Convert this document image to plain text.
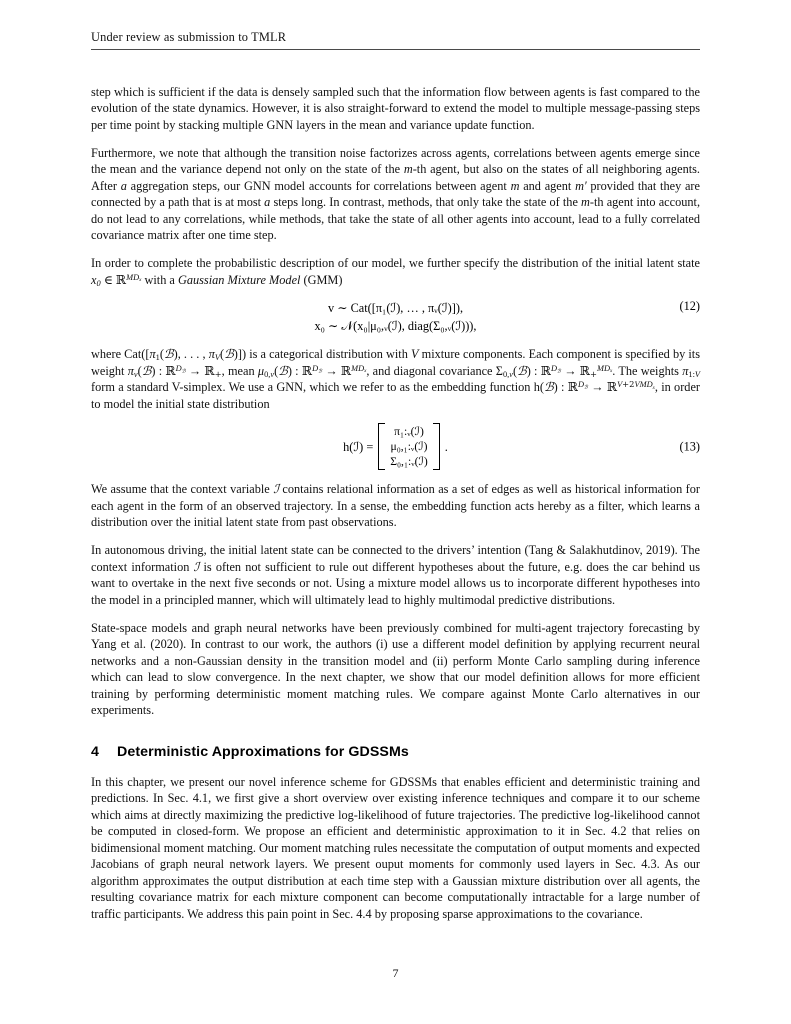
Under review as submission to TMLR

step which is sufficient if the data is densely sampled such that the information flow between agents is fast compared to the evolution of the state dynamics. However, it is also straight-forward to extend the model to multiple message-passing steps per time point by stacking multiple GNN layers in the mean and variance update function.

Furthermore, we note that although the transition noise factorizes across agents, correlations between agents emerge since the mean and the variance depend not only on the state of the m-th agent, but also on the states of all neighboring agents. After a aggregation steps, our GNN model accounts for correlations between agent m and agent m′ provided that they are connected by a path that is at most a steps long. In contrast, methods, that only take the state of the m-th agent into account, do not lead to any correlations, while methods, that take the state of all other agents into account, lead to a fully correlated covariance matrix after one time step.

In order to complete the probabilistic description of our model, we further specify the distribution of the initial latent state $x_0$ ∈ ℝ$^{MD_x}$ with a Gaussian Mixture Model (GMM)

v ∼ Cat([π₁(ℐ), … , πᵥ(ℐ)]),
x₀ ∼ 𝒩(x₀|μ₀,ᵥ(ℐ), diag(Σ₀,ᵥ(ℐ))),
(12)

where $Cat([\pi_1(ℬ)$, . . . , $\pi_V(ℬ)$]) is a categorical distribution with V mixture components. Each component is specified by its weight $\pi_v(ℬ)$ : ℝ$^{D_ℬ}$ → ℝ$_+$, mean $\mu_{0,v}(ℬ)$ : ℝ$^{D_ℬ}$ → ℝ$^{MD_x}$, and diagonal covariance $\Sigma_{0,v}(ℬ)$ : ℝ$^{D_ℬ}$ → ℝ$_+^{MD_x}$. The weights $\pi_{1:V}$ form a standard V-simplex. We use a GNN, which we refer to as the embedding function h(ℬ) : ℝ$^{D_ℬ}$ → ℝ$^{V+2VMD_x}$, in order to model the initial state distribution

h(ℐ) =
π₁:ᵥ(ℐ)
μ₀,₁:ᵥ(ℐ)
Σ₀,₁:ᵥ(ℐ)
.	(13)

We assume that the context variable ℐ contains relational information as a set of edges as well as historical information for each agent in the form of an observed trajectory. In a sense, the embedding function acts hereby as a filter, which learns a distribution over the initial latent state from past observations.

In autonomous driving, the initial latent state can be connected to the drivers’ intention (Tang & Salakhutdinov, 2019). The context information ℐ is often not sufficient to rule out different hypotheses about the future, e.g. does the car behind us want to overtake in the next five seconds or not. Using a mixture model allows us to incorporate different hypotheses into the model in a principled manner, which will ultimately lead to highly multimodal predictive distributions.

State-space models and graph neural networks have been previously combined for multi-agent trajectory forecasting by Yang et al. (2020). In contrast to our work, the authors (i) use a different model definition by applying recurrent neural networks and a non-Gaussian density in the transition model and (ii) perform Monte Carlo sampling during inference which can lead to slow convergence. In the next chapter, we show that our model definition allows for more efficient training by performing deterministic moment matching rules. We compare against Monte Carlo alternatives in our experiments.

4 Deterministic Approximations for GDSSMs

In this chapter, we present our novel inference scheme for GDSSMs that enables efficient and deterministic training and predictions. In Sec. 4.1, we first give a short overview over existing inference techniques and compare it to our scheme which aims at directly maximizing the predictive log-likelihood of future trajectories. The predictive log-likelihood cannot be computed in closed-form. We propose an efficient and deterministic approximation to it in Sec. 4.2 that relies on bidimensional moment matching. Our moment matching rules necessitate the computation of output moments and expected Jacobians of graph neural network layers. We present ouput moments for commonly used layers in Sec. 4.3. As our algorithm approximates the output distribution at each time step with a Gaussian mixture distribution over all agents, the resulting covariance matrix for each mixture component can become computationally intractable for a large number of traffic participants. We address this pain point in Sec. 4.4 by proposing sparse approximations to the covariance.

7
